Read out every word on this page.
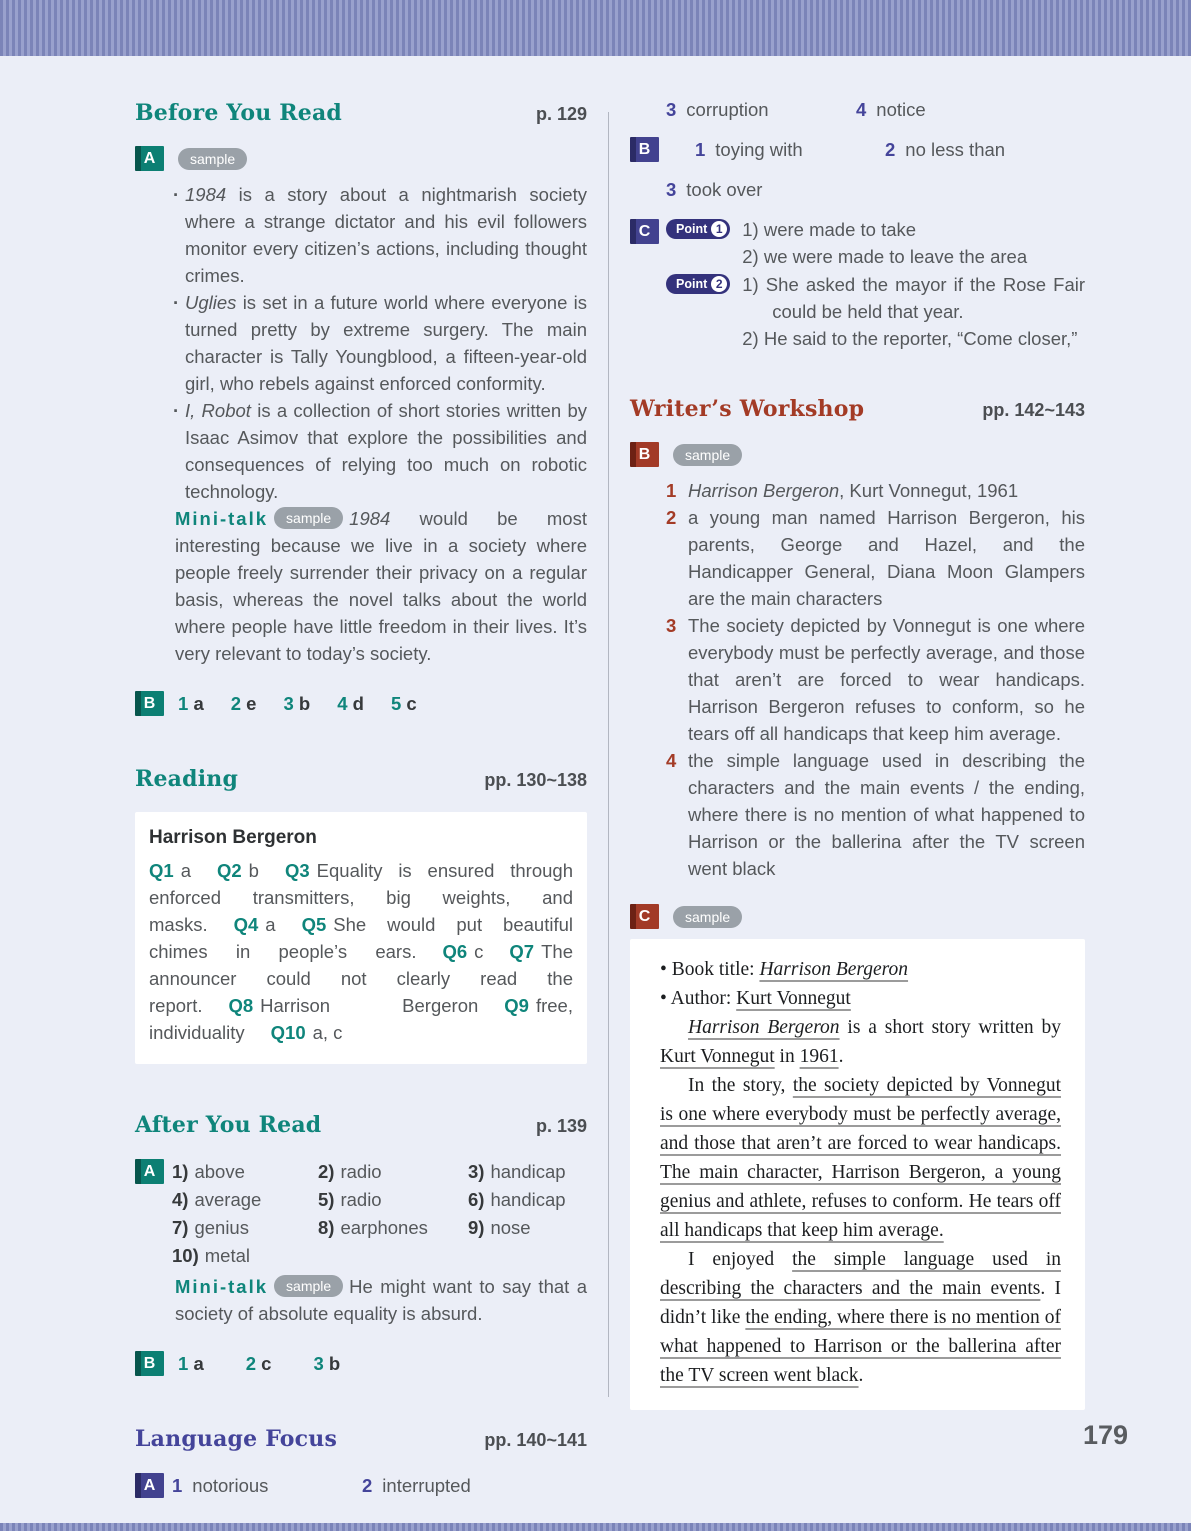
Before You Read	p. 129
A	sample

· 1984 is a story about a nightmarish society where a strange dictator and his evil followers monitor every citizen’s actions, including thought crimes.

· Uglies is set in a future world where everyone is turned pretty by extreme surgery. The main character is Tally Youngblood, a fifteen-year-old girl, who rebels against enforced conformity.

· I, Robot is a collection of short stories written by Isaac Asimov that explore the possibilities and consequences of relying too much on robotic technology.

Mini-talk sample 1984 would be most interesting because we live in a society where people freely surrender their privacy on a regular basis, whereas the novel talks about the world where people have little freedom in their lives. It’s very relevant to today’s society.

B	1 a 2 e 3 b 4 d 5 c
Reading	pp. 130~138
Harrison Bergeron

Q1 a Q2 b Q3 Equality is ensured through enforced transmitters, big weights, and masks. Q4 a Q5 She would put beautiful chimes in people’s ears. Q6 c Q7 The announcer could not clearly read the report. Q8 Harrison Bergeron Q9 free, individuality Q10 a, c

After You Read	p. 139
A 1) above	2) radio	3) handicap
4) average	5) radio	6) handicap
7) genius	8) earphones	9) nose
10) metal

Mini-talk sample He might want to say that a society of absolute equality is absurd.

B	1 a 2 c 3 b
Language Focus	pp. 140~141
A 1 notorious	2 interrupted
3 corruption	4 notice
B	1 toying with	2 no less than
3 took over
C	Point 1 1) were made to take

2) we were made to leave the area

Point 2 1) She asked the mayor if the Rose Fair could be held that year.

2) He said to the reporter, “Come closer,”

Writer’s Workshop	pp. 142~143
B	sample
1 Harrison Bergeron, Kurt Vonnegut, 1961

2 a young man named Harrison Bergeron, his parents, George and Hazel, and the Handicapper General, Diana Moon Glampers are the main characters

3 The society depicted by Vonnegut is one where everybody must be perfectly average, and those that aren’t are forced to wear handicaps. Harrison Bergeron refuses to conform, so he tears off all handicaps that keep him average.

4 the simple language used in describing the characters and the main events / the ending, where there is no mention of what happened to Harrison or the ballerina after the TV screen went black

C	sample

• Book title: Harrison Bergeron

• Author: Kurt Vonnegut

Harrison Bergeron is a short story written by Kurt Vonnegut in 1961.

In the story, the society depicted by Vonnegut is one where everybody must be perfectly average, and those that aren’t are forced to wear handicaps. The main character, Harrison Bergeron, a young genius and athlete, refuses to conform. He tears off all handicaps that keep him average.

I enjoyed the simple language used in describing the characters and the main events. I didn’t like the ending, where there is no mention of what happened to Harrison or the ballerina after the TV screen went black.

179
